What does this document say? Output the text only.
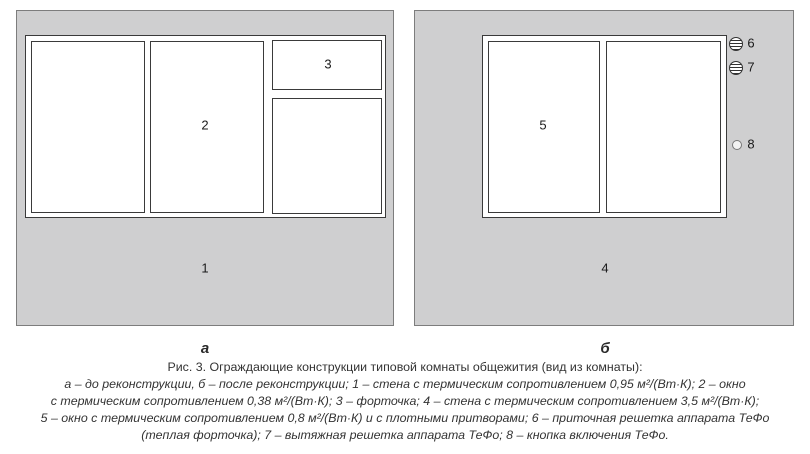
2
3
1
а
6
7
8
5
4
б
Рис. 3. Ограждающие конструкции типовой комнаты общежития (вид из комнаты):
а – до реконструкции, б – после реконструкции; 1 – стена с термическим сопротивлением 0,95 м²/(Вт·К); 2 – окно
с термическим сопротивлением 0,38 м²/(Вт·К); 3 – форточка; 4 – стена с термическим сопротивлением 3,5 м²/(Вт·К);
5 – окно с термическим сопротивлением 0,8 м²/(Вт·К) и с плотными притворами; 6 – приточная решетка аппарата ТеФо
(теплая форточка); 7 – вытяжная решетка аппарата ТеФо; 8 – кнопка включения ТеФо.
